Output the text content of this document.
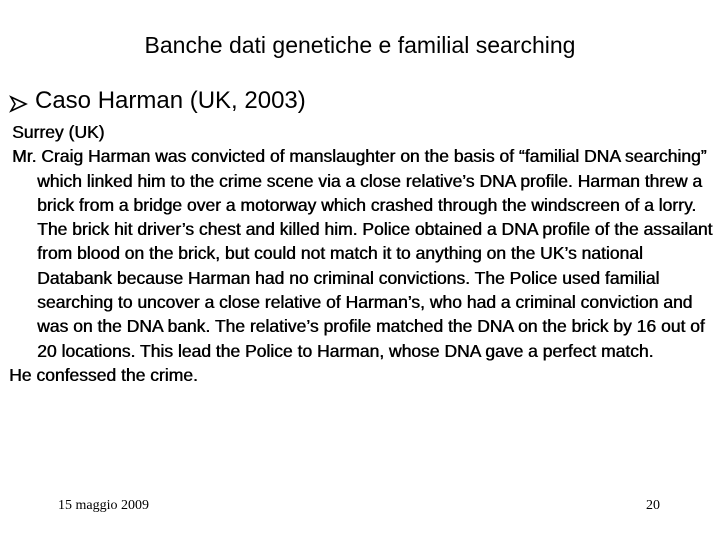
Banche dati genetiche e familial searching
Caso Harman (UK, 2003)

Surrey (UK)

Mr. Craig Harman was convicted of manslaughter on the basis of “familial DNA searching” which linked him to the crime scene via a close relative’s DNA profile. Harman threw a brick from a bridge over a motorway which crashed through the windscreen of a lorry. The brick hit driver’s chest and killed him. Police obtained a DNA profile of the assailant from blood on the brick, but could not match it to anything on the UK’s national Databank because Harman had no criminal convictions. The Police used familial searching to uncover a close relative of Harman’s, who had a criminal conviction and was on the DNA bank. The relative’s profile matched the DNA on the brick by 16 out of 20 locations. This lead the Police to Harman, whose DNA gave a perfect match.

He confessed the crime.

15 maggio 2009	20
